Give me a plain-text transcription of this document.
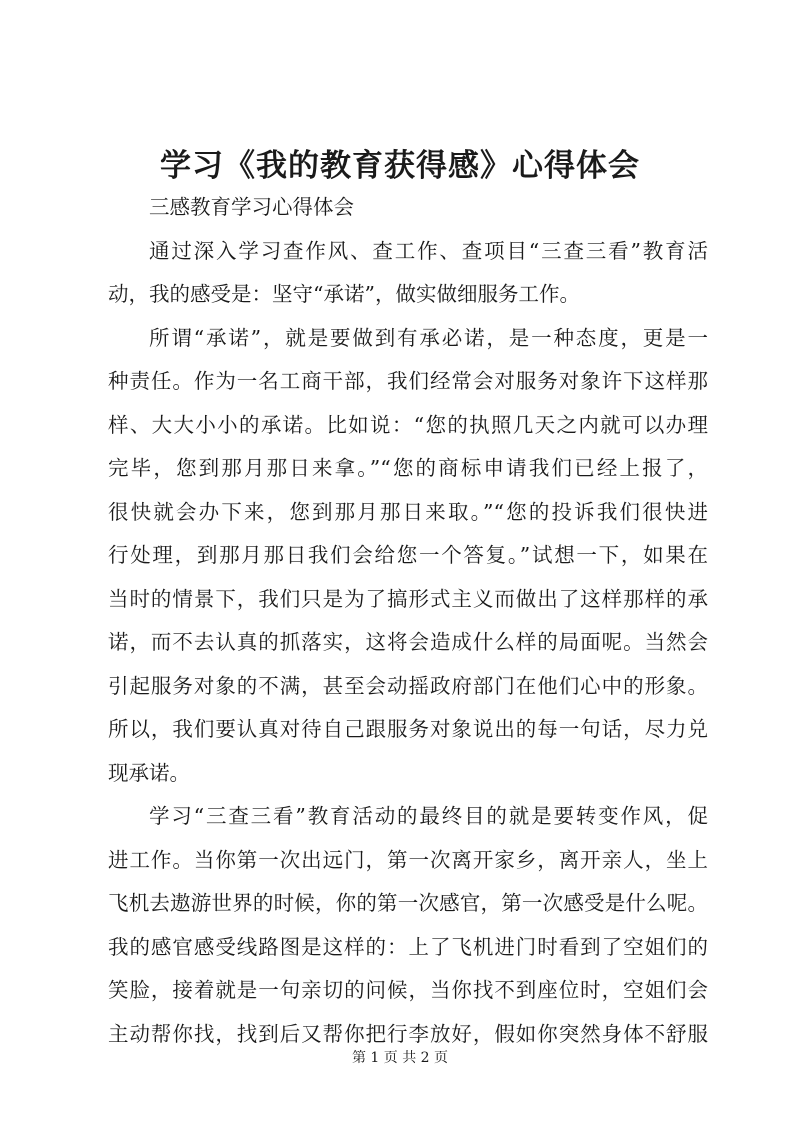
学习《我的教育获得感》心得体会
三感教育学习心得体会
通过深入学习查作风、查工作、查项目“三查三看”教育活
动，我的感受是：坚守“承诺”，做实做细服务工作。
所谓“承诺”，就是要做到有承必诺，是一种态度，更是一
种责任。作为一名工商干部，我们经常会对服务对象许下这样那
样、大大小小的承诺。比如说：“您的执照几天之内就可以办理
完毕，您到那月那日来拿。”“您的商标申请我们已经上报了，
很快就会办下来，您到那月那日来取。”“您的投诉我们很快进
行处理，到那月那日我们会给您一个答复。”试想一下，如果在
当时的情景下，我们只是为了搞形式主义而做出了这样那样的承
诺，而不去认真的抓落实，这将会造成什么样的局面呢。当然会
引起服务对象的不满，甚至会动摇政府部门在他们心中的形象。
所以，我们要认真对待自己跟服务对象说出的每一句话，尽力兑
现承诺。
学习“三查三看”教育活动的最终目的就是要转变作风，促
进工作。当你第一次出远门，第一次离开家乡，离开亲人，坐上
飞机去遨游世界的时候，你的第一次感官，第一次感受是什么呢。
我的感官感受线路图是这样的：上了飞机进门时看到了空姐们的
笑脸，接着就是一句亲切的问候，当你找不到座位时，空姐们会
主动帮你找，找到后又帮你把行李放好，假如你突然身体不舒服
第 1 页 共 2 页
